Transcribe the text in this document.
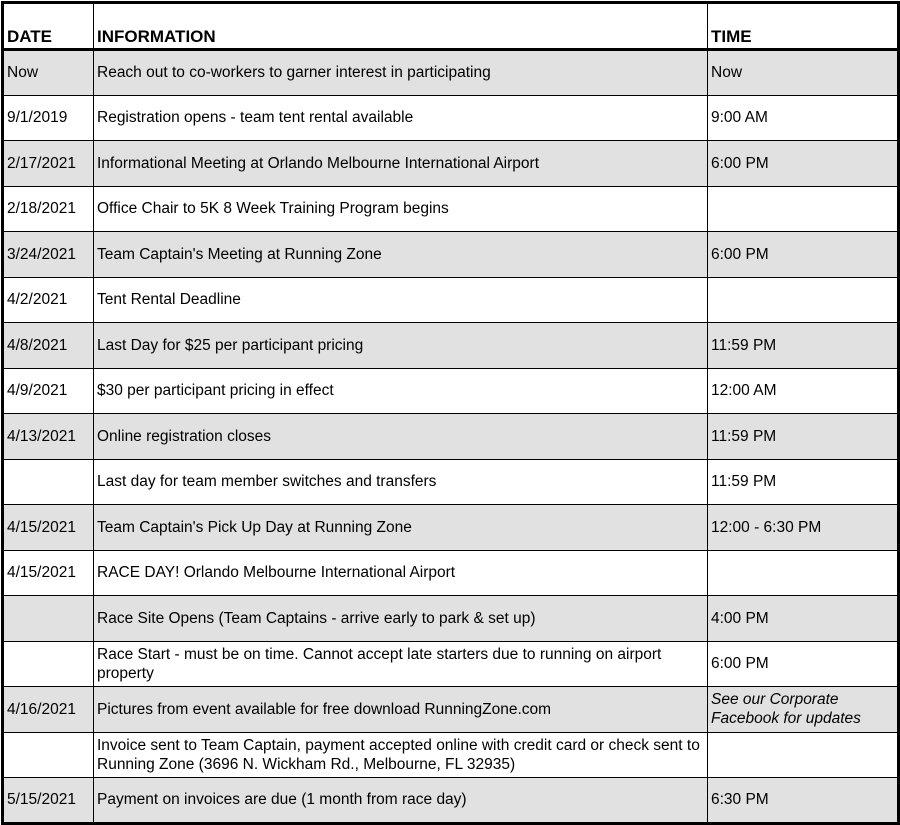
DATE	INFORMATION	TIME
Now	Reach out to co-workers to garner interest in participating	Now
9/1/2019	Registration opens - team tent rental available	9:00 AM
2/17/2021	Informational Meeting at Orlando Melbourne International Airport	6:00 PM
2/18/2021	Office Chair to 5K 8 Week Training Program begins	
3/24/2021	Team Captain's Meeting at Running Zone	6:00 PM
4/2/2021	Tent Rental Deadline	
4/8/2021	Last Day for $25 per participant pricing	11:59 PM
4/9/2021	$30 per participant pricing in effect	12:00 AM
4/13/2021	Online registration closes	11:59 PM
	Last day for team member switches and transfers	11:59 PM
4/15/2021	Team Captain's Pick Up Day at Running Zone	12:00 - 6:30 PM
4/15/2021	RACE DAY! Orlando Melbourne International Airport	
	Race Site Opens (Team Captains - arrive early to park & set up)	4:00 PM
	Race Start - must be on time. Cannot accept late starters due to running on airport property	6:00 PM
4/16/2021	Pictures from event available for free download RunningZone.com	See our Corporate Facebook for updates
	Invoice sent to Team Captain, payment accepted online with credit card or check sent to Running Zone (3696 N. Wickham Rd., Melbourne, FL 32935)	
5/15/2021	Payment on invoices are due (1 month from race day)	6:30 PM
